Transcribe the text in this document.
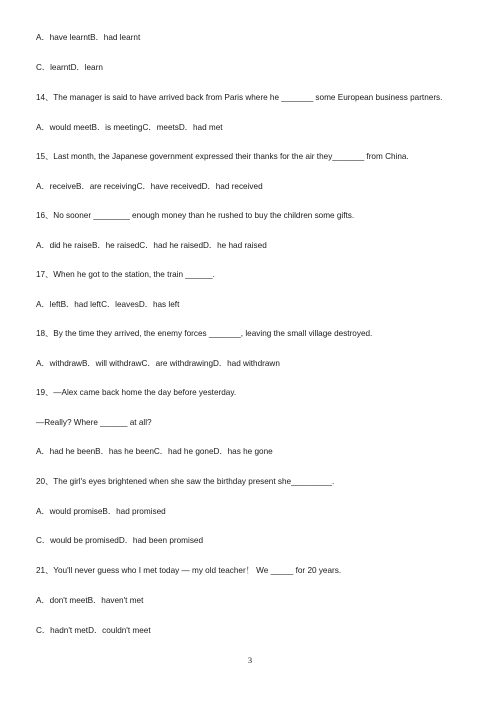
A．have learntB．had learnt
C．learntD．learn
14、The manager is said to have arrived back from Paris where he _______ some European business partners.
A．would meetB．is meetingC．meetsD．had met
15、Last month, the Japanese government expressed their thanks for the air they_______ from China.
A．receiveB．are receivingC．have receivedD．had received
16、No sooner ________ enough money than he rushed to buy the children some gifts.
A．did he raiseB．he raisedC．had he raisedD．he had raised
17、When he got to the station, the train ______.
A．leftB．had leftC．leavesD．has left
18、By the time they arrived, the enemy forces _______, leaving the small village destroyed.
A．withdrawB．will withdrawC．are withdrawingD．had withdrawn
19、—Alex came back home the day before yesterday.
—Really? Where ______ at all?
A．had he beenB．has he beenC．had he goneD．has he gone
20、The girl's eyes brightened when she saw the birthday present she_________.
A．would promiseB．had promised
C．would be promisedD．had been promised
21、You'll never guess who I met today — my old teacher！ We _____ for 20 years.
A．don't meetB．haven't met
C．hadn't metD．couldn't meet
3
